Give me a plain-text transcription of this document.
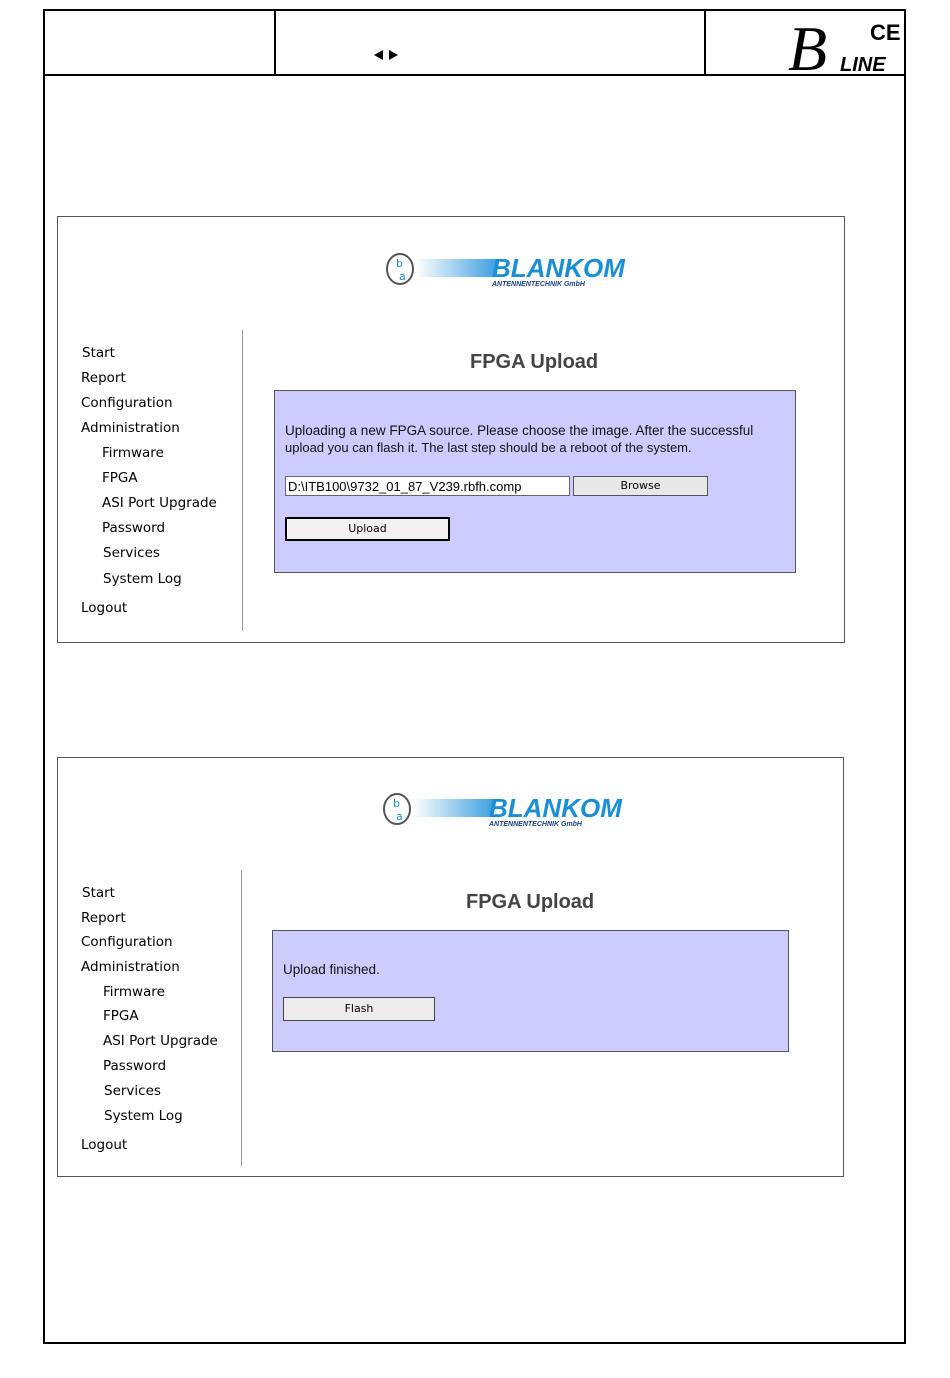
B LINE
CE
b
a	BLANKOM
ANTENNENTECHNIK GmbH
Start
Report
Configuration
Administration
Firmware
FPGA
ASI Port Upgrade
Password
Services
System Log
Logout
FPGA Upload
Uploading a new FPGA source. Please choose the image. After the successful
upload you can flash it. The last step should be a reboot of the system.
D:\ITB100\9732_01_87_V239.rbfh.comp	Browse
Upload
b
a	BLANKOM
ANTENNENTECHNIK GmbH
Start
Report
Configuration
Administration
Firmware
FPGA
ASI Port Upgrade
Password
Services
System Log
Logout
FPGA Upload
Upload finished.
Flash
